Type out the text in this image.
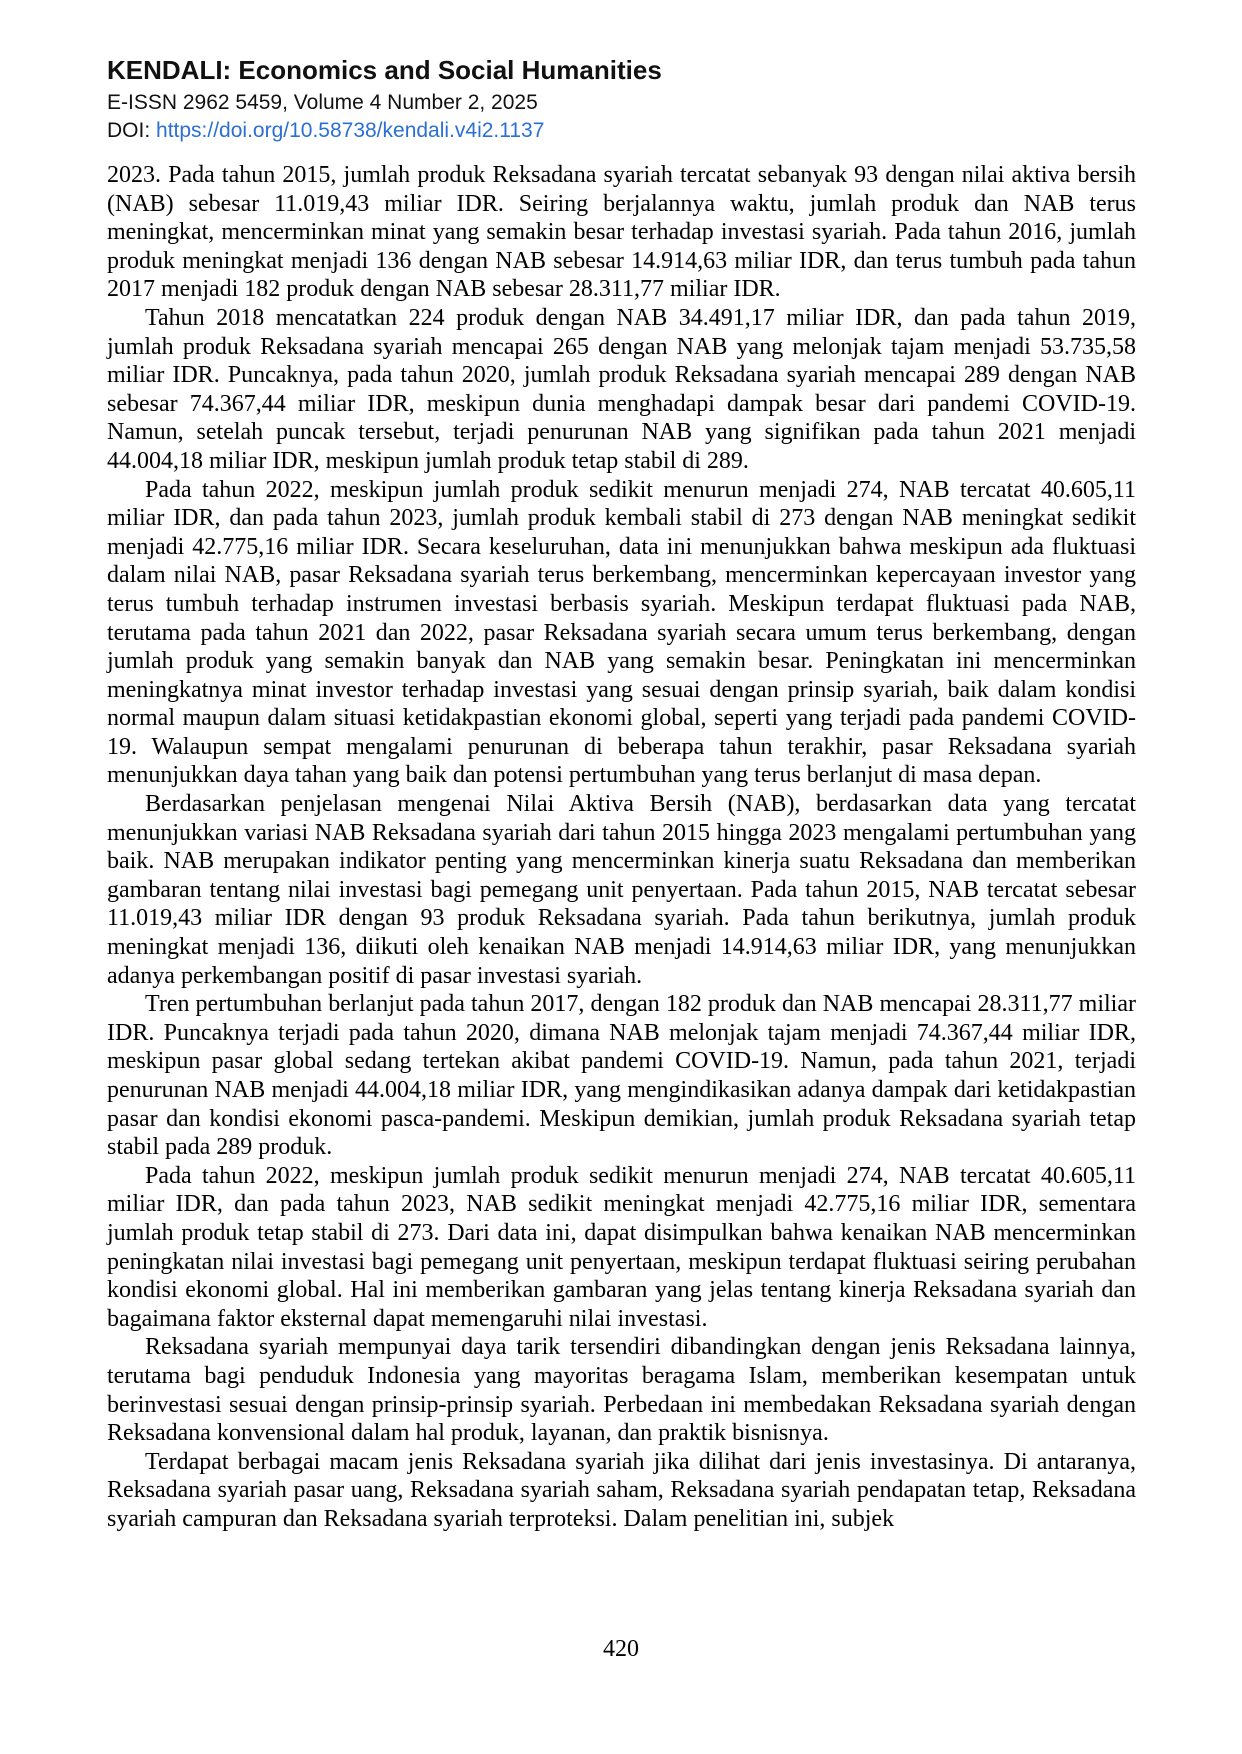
KENDALI: Economics and Social Humanities
E-ISSN 2962 5459, Volume 4 Number 2, 2025
DOI: https://doi.org/10.58738/kendali.v4i2.1137

2023. Pada tahun 2015, jumlah produk Reksadana syariah tercatat sebanyak 93 dengan nilai aktiva bersih (NAB) sebesar 11.019,43 miliar IDR. Seiring berjalannya waktu, jumlah produk dan NAB terus meningkat, mencerminkan minat yang semakin besar terhadap investasi syariah. Pada tahun 2016, jumlah produk meningkat menjadi 136 dengan NAB sebesar 14.914,63 miliar IDR, dan terus tumbuh pada tahun 2017 menjadi 182 produk dengan NAB sebesar 28.311,77 miliar IDR.

Tahun 2018 mencatatkan 224 produk dengan NAB 34.491,17 miliar IDR, dan pada tahun 2019, jumlah produk Reksadana syariah mencapai 265 dengan NAB yang melonjak tajam menjadi 53.735,58 miliar IDR. Puncaknya, pada tahun 2020, jumlah produk Reksadana syariah mencapai 289 dengan NAB sebesar 74.367,44 miliar IDR, meskipun dunia menghadapi dampak besar dari pandemi COVID-19. Namun, setelah puncak tersebut, terjadi penurunan NAB yang signifikan pada tahun 2021 menjadi 44.004,18 miliar IDR, meskipun jumlah produk tetap stabil di 289.

Pada tahun 2022, meskipun jumlah produk sedikit menurun menjadi 274, NAB tercatat 40.605,11 miliar IDR, dan pada tahun 2023, jumlah produk kembali stabil di 273 dengan NAB meningkat sedikit menjadi 42.775,16 miliar IDR. Secara keseluruhan, data ini menunjukkan bahwa meskipun ada fluktuasi dalam nilai NAB, pasar Reksadana syariah terus berkembang, mencerminkan kepercayaan investor yang terus tumbuh terhadap instrumen investasi berbasis syariah. Meskipun terdapat fluktuasi pada NAB, terutama pada tahun 2021 dan 2022, pasar Reksadana syariah secara umum terus berkembang, dengan jumlah produk yang semakin banyak dan NAB yang semakin besar. Peningkatan ini mencerminkan meningkatnya minat investor terhadap investasi yang sesuai dengan prinsip syariah, baik dalam kondisi normal maupun dalam situasi ketidakpastian ekonomi global, seperti yang terjadi pada pandemi COVID-19. Walaupun sempat mengalami penurunan di beberapa tahun terakhir, pasar Reksadana syariah menunjukkan daya tahan yang baik dan potensi pertumbuhan yang terus berlanjut di masa depan.

Berdasarkan penjelasan mengenai Nilai Aktiva Bersih (NAB), berdasarkan data yang tercatat menunjukkan variasi NAB Reksadana syariah dari tahun 2015 hingga 2023 mengalami pertumbuhan yang baik. NAB merupakan indikator penting yang mencerminkan kinerja suatu Reksadana dan memberikan gambaran tentang nilai investasi bagi pemegang unit penyertaan. Pada tahun 2015, NAB tercatat sebesar 11.019,43 miliar IDR dengan 93 produk Reksadana syariah. Pada tahun berikutnya, jumlah produk meningkat menjadi 136, diikuti oleh kenaikan NAB menjadi 14.914,63 miliar IDR, yang menunjukkan adanya perkembangan positif di pasar investasi syariah.

Tren pertumbuhan berlanjut pada tahun 2017, dengan 182 produk dan NAB mencapai 28.311,77 miliar IDR. Puncaknya terjadi pada tahun 2020, dimana NAB melonjak tajam menjadi 74.367,44 miliar IDR, meskipun pasar global sedang tertekan akibat pandemi COVID-19. Namun, pada tahun 2021, terjadi penurunan NAB menjadi 44.004,18 miliar IDR, yang mengindikasikan adanya dampak dari ketidakpastian pasar dan kondisi ekonomi pasca-pandemi. Meskipun demikian, jumlah produk Reksadana syariah tetap stabil pada 289 produk.

Pada tahun 2022, meskipun jumlah produk sedikit menurun menjadi 274, NAB tercatat 40.605,11 miliar IDR, dan pada tahun 2023, NAB sedikit meningkat menjadi 42.775,16 miliar IDR, sementara jumlah produk tetap stabil di 273. Dari data ini, dapat disimpulkan bahwa kenaikan NAB mencerminkan peningkatan nilai investasi bagi pemegang unit penyertaan, meskipun terdapat fluktuasi seiring perubahan kondisi ekonomi global. Hal ini memberikan gambaran yang jelas tentang kinerja Reksadana syariah dan bagaimana faktor eksternal dapat memengaruhi nilai investasi.

Reksadana syariah mempunyai daya tarik tersendiri dibandingkan dengan jenis Reksadana lainnya, terutama bagi penduduk Indonesia yang mayoritas beragama Islam, memberikan kesempatan untuk berinvestasi sesuai dengan prinsip-prinsip syariah. Perbedaan ini membedakan Reksadana syariah dengan Reksadana konvensional dalam hal produk, layanan, dan praktik bisnisnya.

Terdapat berbagai macam jenis Reksadana syariah jika dilihat dari jenis investasinya. Di antaranya, Reksadana syariah pasar uang, Reksadana syariah saham, Reksadana syariah pendapatan tetap, Reksadana syariah campuran dan Reksadana syariah terproteksi. Dalam penelitian ini, subjek

420
